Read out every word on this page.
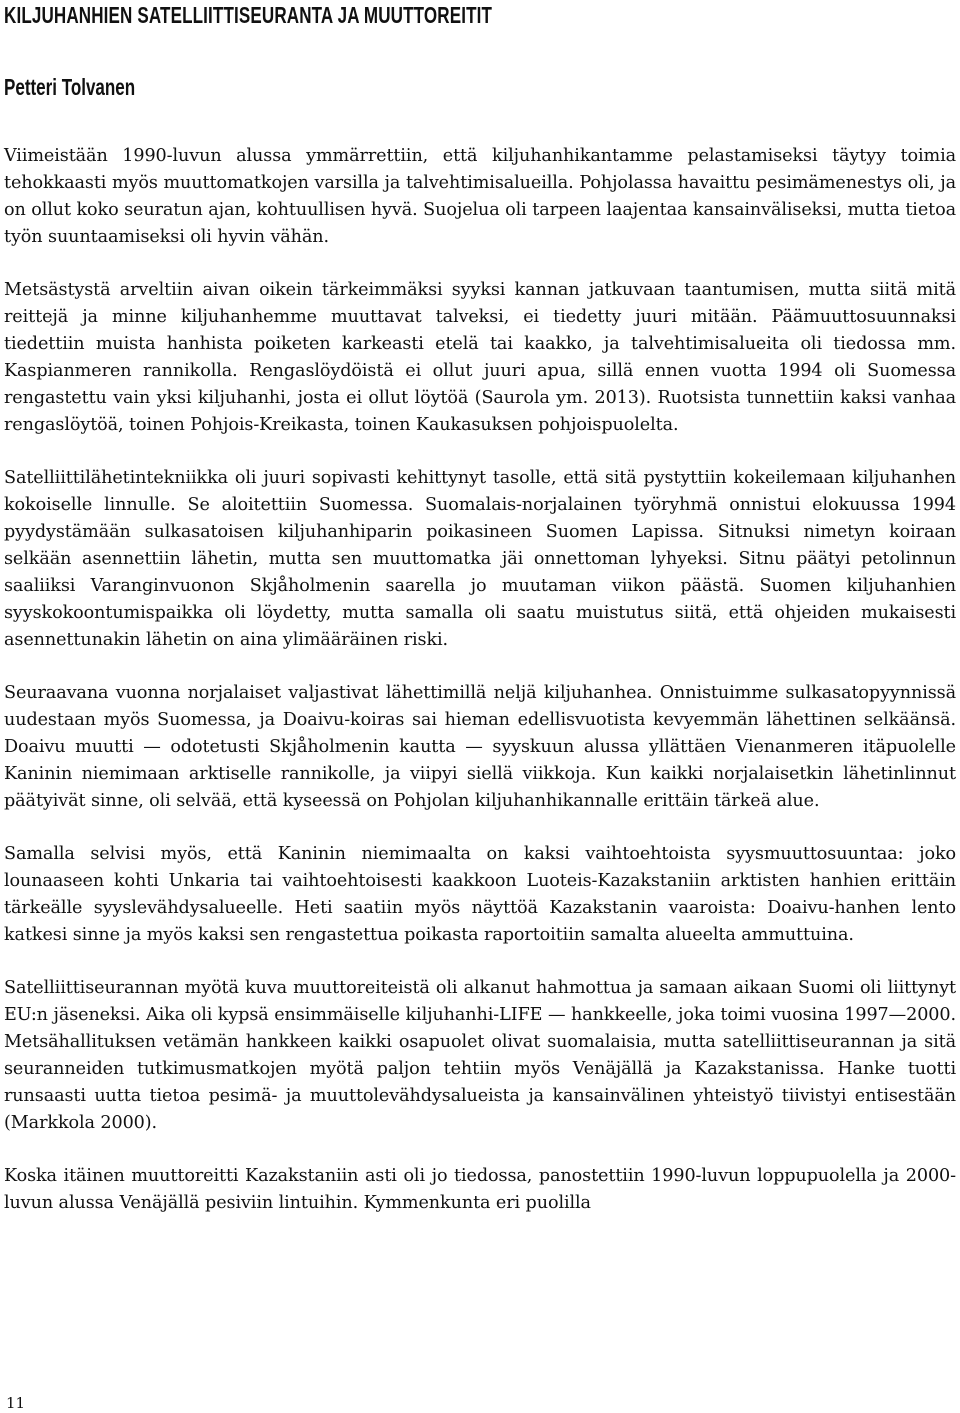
KILJUHANHIEN SATELLIITTISEURANTA JA MUUTTOREITIT
Petteri Tolvanen

Viimeistään 1990-luvun alussa ymmärrettiin, että kiljuhanhikantamme pelastamiseksi täytyy toimia tehokkaasti myös muuttomatkojen varsilla ja talvehtimisalueilla. Pohjolassa havaittu pesimämenestys oli, ja on ollut koko seuratun ajan, kohtuullisen hyvä. Suojelua oli tarpeen laajentaa kansainväliseksi, mutta tietoa työn suuntaamiseksi oli hyvin vähän.

Metsästystä arveltiin aivan oikein tärkeimmäksi syyksi kannan jatkuvaan taantumisen, mutta siitä mitä reittejä ja minne kiljuhanhemme muuttavat talveksi, ei tiedetty juuri mitään. Päämuuttosuunnaksi tiedettiin muista hanhista poiketen karkeasti etelä tai kaakko, ja talvehtimisalueita oli tiedossa mm. Kaspianmeren rannikolla. Rengaslöydöistä ei ollut juuri apua, sillä ennen vuotta 1994 oli Suomessa rengastettu vain yksi kiljuhanhi, josta ei ollut löytöä (Saurola ym. 2013). Ruotsista tunnettiin kaksi vanhaa rengaslöytöä, toinen Pohjois-Kreikasta, toinen Kaukasuksen pohjoispuolelta.

Satelliittilähetintekniikka oli juuri sopivasti kehittynyt tasolle, että sitä pystyttiin kokeilemaan kiljuhanhen kokoiselle linnulle. Se aloitettiin Suomessa. Suomalais-norjalainen työryhmä onnistui elokuussa 1994 pyydystämään sulkasatoisen kiljuhanhiparin poikasineen Suomen Lapissa. Sitnuksi nimetyn koiraan selkään asennettiin lähetin, mutta sen muuttomatka jäi onnettoman lyhyeksi. Sitnu päätyi petolinnun saaliiksi Varanginvuonon Skjåholmenin saarella jo muutaman viikon päästä. Suomen kiljuhanhien syyskokoontumispaikka oli löydetty, mutta samalla oli saatu muistutus siitä, että ohjeiden mukaisesti asennettunakin lähetin on aina ylimääräinen riski.

Seuraavana vuonna norjalaiset valjastivat lähettimillä neljä kiljuhanhea. Onnistuimme sulkasatopyynnissä uudestaan myös Suomessa, ja Doaivu-koiras sai hieman edellisvuotista kevyemmän lähettinen selkäänsä. Doaivu muutti — odotetusti Skjåholmenin kautta — syyskuun alussa yllättäen Vienanmeren itäpuolelle Kaninin niemimaan arktiselle rannikolle, ja viipyi siellä viikkoja. Kun kaikki norjalaisetkin lähetinlinnut päätyivät sinne, oli selvää, että kyseessä on Pohjolan kiljuhanhikannalle erittäin tärkeä alue.

Samalla selvisi myös, että Kaninin niemimaalta on kaksi vaihtoehtoista syysmuuttosuuntaa: joko lounaaseen kohti Unkaria tai vaihtoehtoisesti kaakkoon Luoteis-Kazakstaniin arktisten hanhien erittäin tärkeälle syyslevähdysalueelle. Heti saatiin myös näyttöä Kazakstanin vaaroista: Doaivu-hanhen lento katkesi sinne ja myös kaksi sen rengastettua poikasta raportoitiin samalta alueelta ammuttuina.

Satelliittiseurannan myötä kuva muuttoreiteistä oli alkanut hahmottua ja samaan aikaan Suomi oli liittynyt EU:n jäseneksi. Aika oli kypsä ensimmäiselle kiljuhanhi-LIFE — hankkeelle, joka toimi vuosina 1997—2000. Metsähallituksen vetämän hankkeen kaikki osapuolet olivat suomalaisia, mutta satelliittiseurannan ja sitä seuranneiden tutkimusmatkojen myötä paljon tehtiin myös Venäjällä ja Kazakstanissa. Hanke tuotti runsaasti uutta tietoa pesimä- ja muuttolevähdysalueista ja kansainvälinen yhteistyö tiivistyi entisestään (Markkola 2000).

Koska itäinen muuttoreitti Kazakstaniin asti oli jo tiedossa, panostettiin 1990-luvun loppupuolella ja 2000-luvun alussa Venäjällä pesiviin lintuihin. Kymmenkunta eri puolilla

11
